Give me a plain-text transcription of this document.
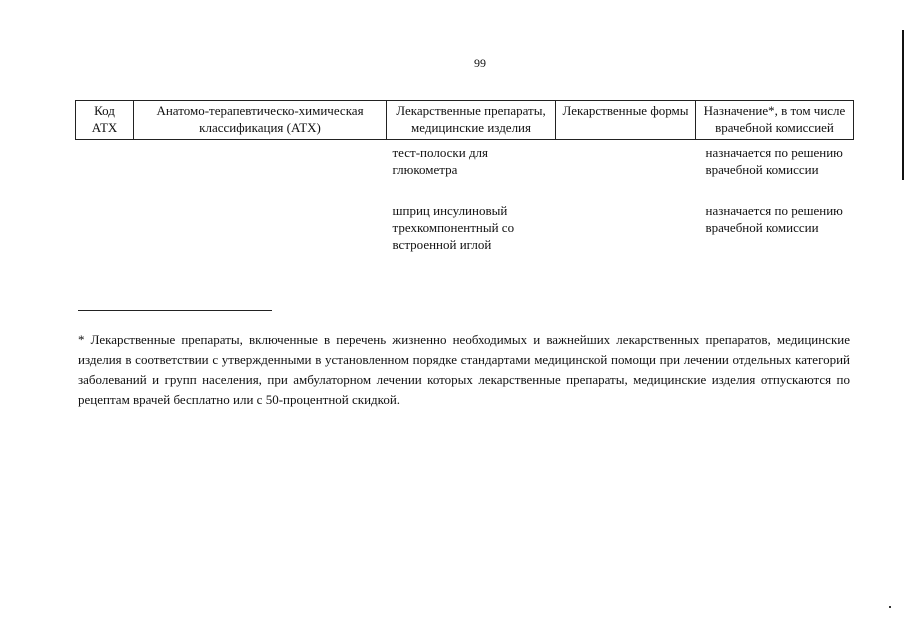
99
Код АТХ	Анатомо-терапевтическо-химическая классификация (АТХ)	Лекарственные препараты, медицинские изделия	Лекарственные формы	Назначение*, в том числе врачебной комиссией

		тест-полоски для глюкометра		назначается по решению врачебной комиссии

		шприц инсулиновый трехкомпонентный со встроенной иглой		назначается по решению врачебной комиссии
* Лекарственные препараты, включенные в перечень жизненно необходимых и важнейших лекарственных препаратов, медицинские изделия в соответствии с утвержденными в установленном порядке стандартами медицинской помощи при лечении отдельных категорий заболеваний и групп населения, при амбулаторном лечении которых лекарственные препараты, медицинские изделия отпускаются по рецептам врачей бесплатно или с 50-процентной скидкой.
